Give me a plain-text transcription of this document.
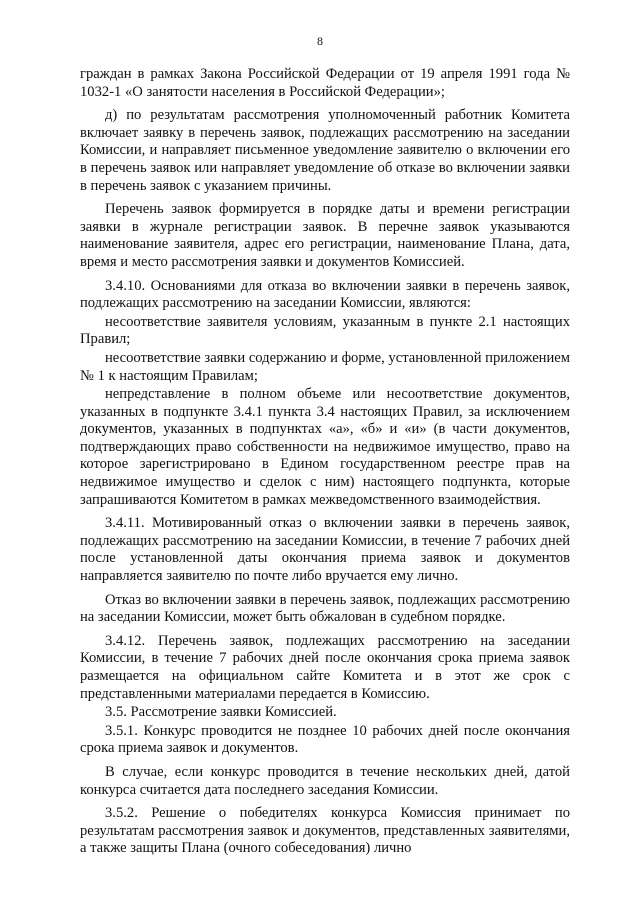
8

граждан в рамках Закона Российской Федерации от 19 апреля 1991 года № 1032-1 «О занятости населения в Российской Федерации»;

д) по результатам рассмотрения уполномоченный работник Комитета включает заявку в перечень заявок, подлежащих рассмотрению на заседании Комиссии, и направляет письменное уведомление заявителю о включении его в перечень заявок или направляет уведомление об отказе во включении заявки в перечень заявок с указанием причины.

Перечень заявок формируется в порядке даты и времени регистрации заявки в журнале регистрации заявок. В перечне заявок указываются наименование заявителя, адрес его регистрации, наименование Плана, дата, время и место рассмотрения заявки и документов Комиссией.

3.4.10. Основаниями для отказа во включении заявки в перечень заявок, подлежащих рассмотрению на заседании Комиссии, являются:

несоответствие заявителя условиям, указанным в пункте 2.1 настоящих Правил;

несоответствие заявки содержанию и форме, установленной приложением № 1 к настоящим Правилам;

непредставление в полном объеме или несоответствие документов, указанных в подпункте 3.4.1 пункта 3.4 настоящих Правил, за исключением документов, указанных в подпунктах «а», «б» и «и» (в части документов, подтверждающих право собственности на недвижимое имущество, право на которое зарегистрировано в Едином государственном реестре прав на недвижимое имущество и сделок с ним) настоящего подпункта, которые запрашиваются Комитетом в рамках межведомственного взаимодействия.

3.4.11. Мотивированный отказ о включении заявки в перечень заявок, подлежащих рассмотрению на заседании Комиссии, в течение 7 рабочих дней после установленной даты окончания приема заявок и документов направляется заявителю по почте либо вручается ему лично.

Отказ во включении заявки в перечень заявок, подлежащих рассмотрению на заседании Комиссии, может быть обжалован в судебном порядке.

3.4.12. Перечень заявок, подлежащих рассмотрению на заседании Комиссии, в течение 7 рабочих дней после окончания срока приема заявок размещается на официальном сайте Комитета и в этот же срок с представленными материалами передается в Комиссию.

3.5. Рассмотрение заявки Комиссией.

3.5.1. Конкурс проводится не позднее 10 рабочих дней после окончания срока приема заявок и документов.

В случае, если конкурс проводится в течение нескольких дней, датой конкурса считается дата последнего заседания Комиссии.

3.5.2. Решение о победителях конкурса Комиссия принимает по результатам рассмотрения заявок и документов, представленных заявителями, а также защиты Плана (очного собеседования) лично
